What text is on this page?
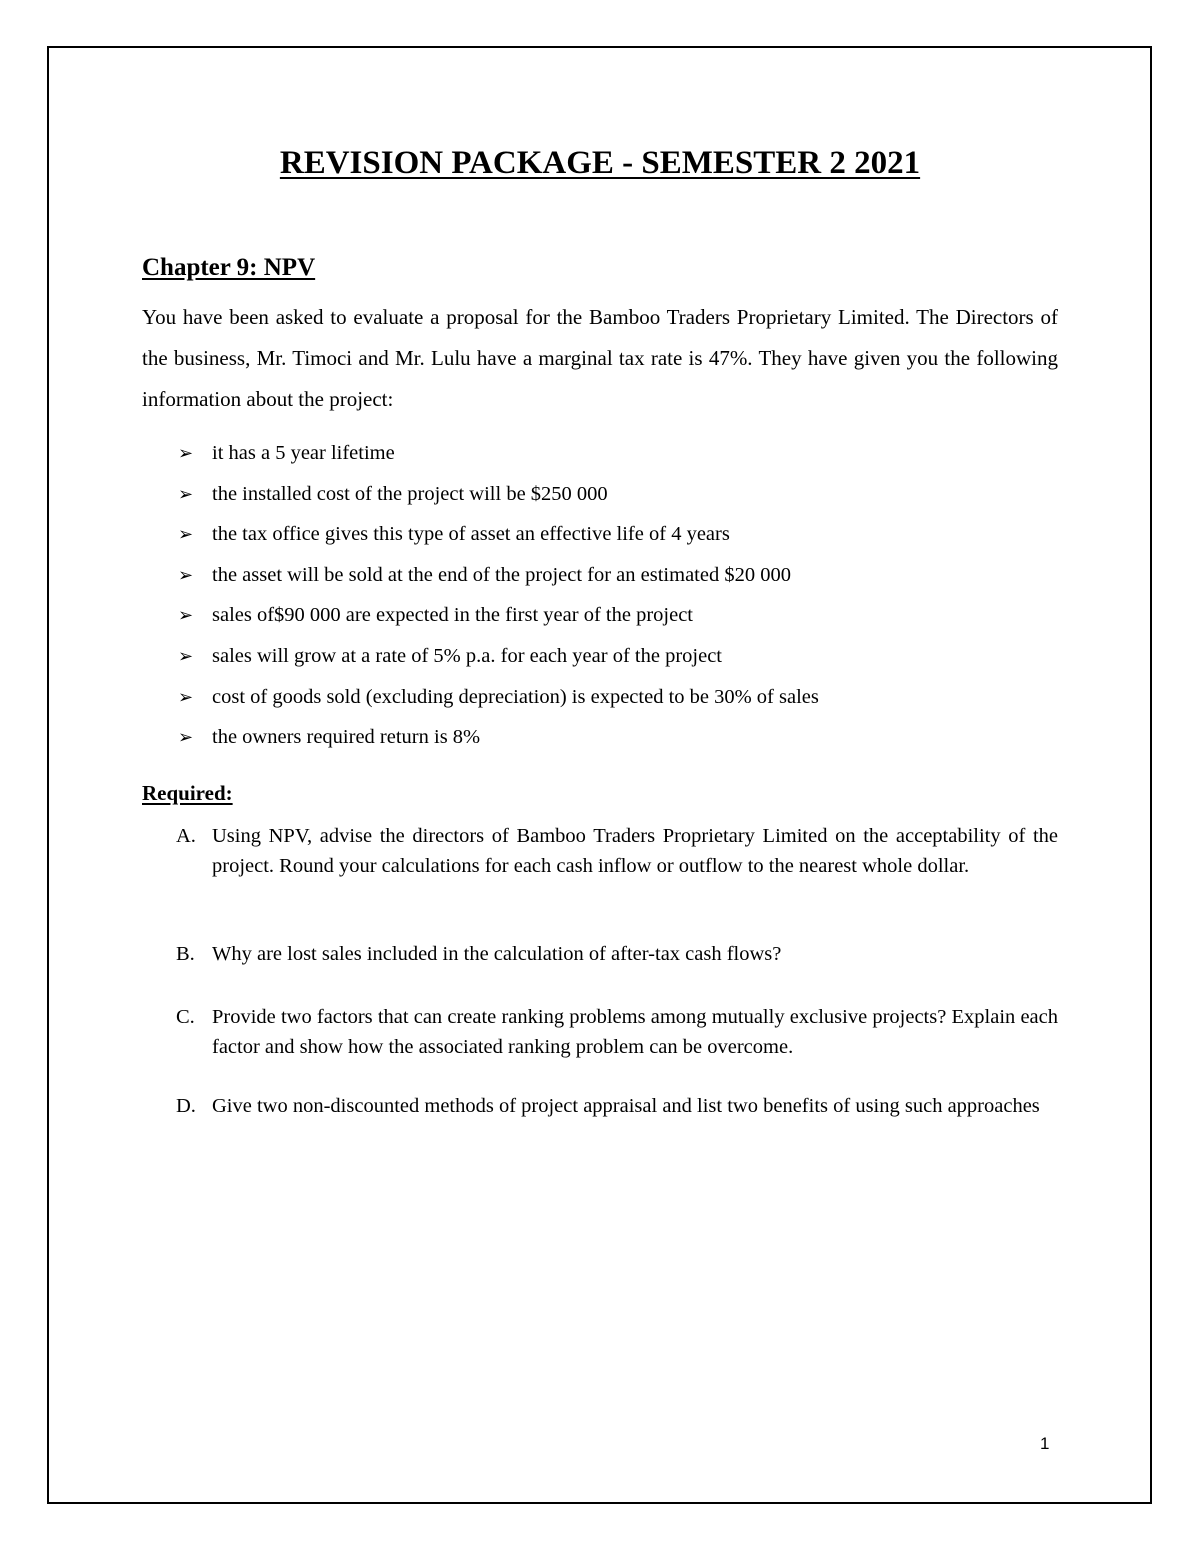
REVISION PACKAGE - SEMESTER 2 2021
Chapter 9: NPV

You have been asked to evaluate a proposal for the Bamboo Traders Proprietary Limited. The Directors of the business, Mr. Timoci and Mr. Lulu have a marginal tax rate is 47%. They have given you the following information about the project:

➢ it has a 5 year lifetime
➢ the installed cost of the project will be $250 000
➢ the tax office gives this type of asset an effective life of 4 years
➢ the asset will be sold at the end of the project for an estimated $20 000
➢ sales of$90 000 are expected in the first year of the project
➢ sales will grow at a rate of 5% p.a. for each year of the project
➢ cost of goods sold (excluding depreciation) is expected to be 30% of sales
➢ the owners required return is 8%
Required:
A. Using NPV, advise the directors of Bamboo Traders Proprietary Limited on the acceptability of the project. Round your calculations for each cash inflow or outflow to the nearest whole dollar.
B. Why are lost sales included in the calculation of after-tax cash flows?
C. Provide two factors that can create ranking problems among mutually exclusive projects? Explain each factor and show how the associated ranking problem can be overcome.
D. Give two non-discounted methods of project appraisal and list two benefits of using such approaches
1
